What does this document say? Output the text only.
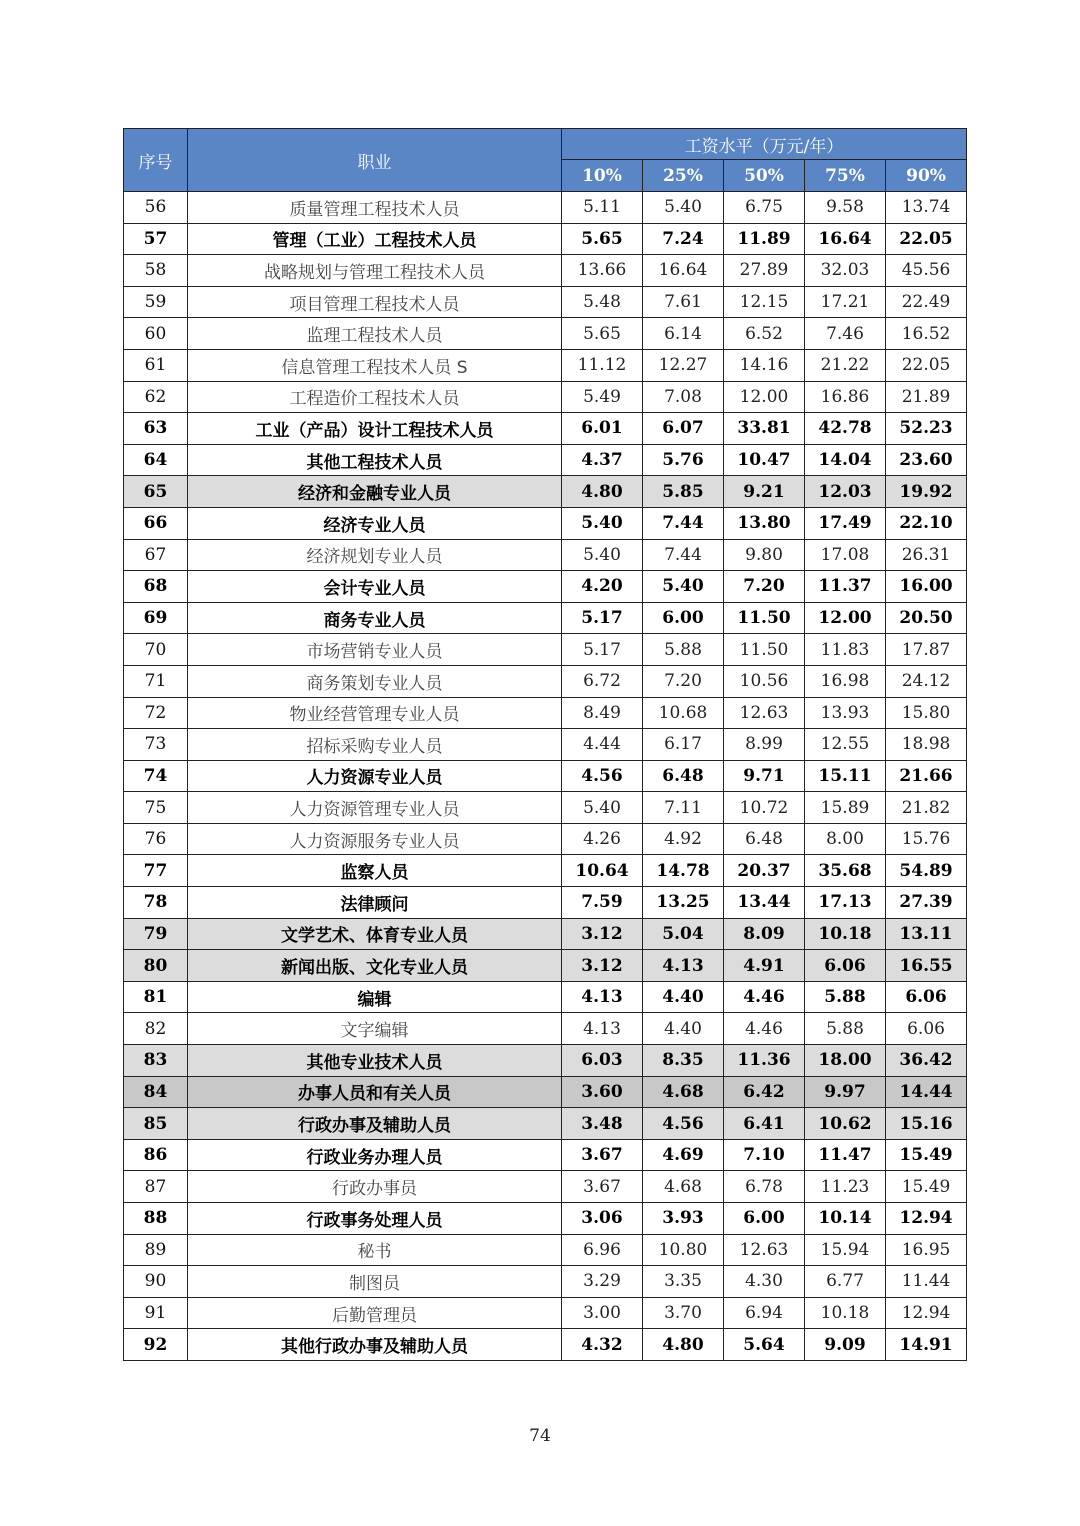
序号	职业	工资水平（万元/年）				
		10%	25%	50%	75%	90%
56	质量管理工程技术人员	5.11	5.40	6.75	9.58	13.74
57	管理（工业）工程技术人员	5.65	7.24	11.89	16.64	22.05
58	战略规划与管理工程技术人员	13.66	16.64	27.89	32.03	45.56
59	项目管理工程技术人员	5.48	7.61	12.15	17.21	22.49
60	监理工程技术人员	5.65	6.14	6.52	7.46	16.52
61	信息管理工程技术人员 S	11.12	12.27	14.16	21.22	22.05
62	工程造价工程技术人员	5.49	7.08	12.00	16.86	21.89
63	工业（产品）设计工程技术人员	6.01	6.07	33.81	42.78	52.23
64	其他工程技术人员	4.37	5.76	10.47	14.04	23.60
65	经济和金融专业人员	4.80	5.85	9.21	12.03	19.92
66	经济专业人员	5.40	7.44	13.80	17.49	22.10
67	经济规划专业人员	5.40	7.44	9.80	17.08	26.31
68	会计专业人员	4.20	5.40	7.20	11.37	16.00
69	商务专业人员	5.17	6.00	11.50	12.00	20.50
70	市场营销专业人员	5.17	5.88	11.50	11.83	17.87
71	商务策划专业人员	6.72	7.20	10.56	16.98	24.12
72	物业经营管理专业人员	8.49	10.68	12.63	13.93	15.80
73	招标采购专业人员	4.44	6.17	8.99	12.55	18.98
74	人力资源专业人员	4.56	6.48	9.71	15.11	21.66
75	人力资源管理专业人员	5.40	7.11	10.72	15.89	21.82
76	人力资源服务专业人员	4.26	4.92	6.48	8.00	15.76
77	监察人员	10.64	14.78	20.37	35.68	54.89
78	法律顾问	7.59	13.25	13.44	17.13	27.39
79	文学艺术、体育专业人员	3.12	5.04	8.09	10.18	13.11
80	新闻出版、文化专业人员	3.12	4.13	4.91	6.06	16.55
81	编辑	4.13	4.40	4.46	5.88	6.06
82	文字编辑	4.13	4.40	4.46	5.88	6.06
83	其他专业技术人员	6.03	8.35	11.36	18.00	36.42
84	办事人员和有关人员	3.60	4.68	6.42	9.97	14.44
85	行政办事及辅助人员	3.48	4.56	6.41	10.62	15.16
86	行政业务办理人员	3.67	4.69	7.10	11.47	15.49
87	行政办事员	3.67	4.68	6.78	11.23	15.49
88	行政事务处理人员	3.06	3.93	6.00	10.14	12.94
89	秘书	6.96	10.80	12.63	15.94	16.95
90	制图员	3.29	3.35	4.30	6.77	11.44
91	后勤管理员	3.00	3.70	6.94	10.18	12.94
92	其他行政办事及辅助人员	4.32	4.80	5.64	9.09	14.91
74
